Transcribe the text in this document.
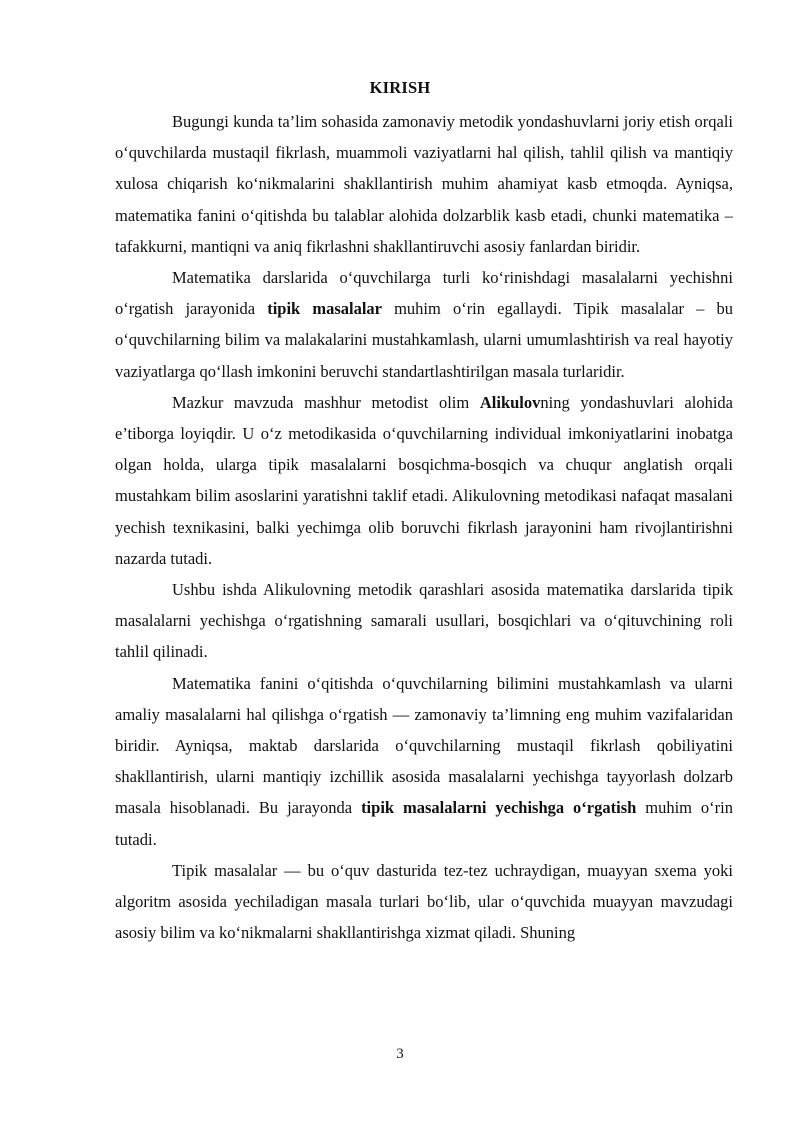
KIRISH

Bugungi kunda ta’lim sohasida zamonaviy metodik yondashuvlarni joriy etish orqali o‘quvchilarda mustaqil fikrlash, muammoli vaziyatlarni hal qilish, tahlil qilish va mantiqiy xulosa chiqarish ko‘nikmalarini shakllantirish muhim ahamiyat kasb etmoqda. Ayniqsa, matematika fanini o‘qitishda bu talablar alohida dolzarblik kasb etadi, chunki matematika – tafakkurni, mantiqni va aniq fikrlashni shakllantiruvchi asosiy fanlardan biridir.

Matematika darslarida o‘quvchilarga turli ko‘rinishdagi masalalarni yechishni o‘rgatish jarayonida tipik masalalar muhim o‘rin egallaydi. Tipik masalalar – bu o‘quvchilarning bilim va malakalarini mustahkamlash, ularni umumlashtirish va real hayotiy vaziyatlarga qo‘llash imkonini beruvchi standartlashtirilgan masala turlaridir.

Mazkur mavzuda mashhur metodist olim Alikulovning yondashuvlari alohida e’tiborga loyiqdir. U o‘z metodikasida o‘quvchilarning individual imkoniyatlarini inobatga olgan holda, ularga tipik masalalarni bosqichma-bosqich va chuqur anglatish orqali mustahkam bilim asoslarini yaratishni taklif etadi. Alikulovning metodikasi nafaqat masalani yechish texnikasini, balki yechimga olib boruvchi fikrlash jarayonini ham rivojlantirishni nazarda tutadi.

Ushbu ishda Alikulovning metodik qarashlari asosida matematika darslarida tipik masalalarni yechishga o‘rgatishning samarali usullari, bosqichlari va o‘qituvchining roli tahlil qilinadi.

Matematika fanini o‘qitishda o‘quvchilarning bilimini mustahkamlash va ularni amaliy masalalarni hal qilishga o‘rgatish — zamonaviy ta’limning eng muhim vazifalaridan biridir. Ayniqsa, maktab darslarida o‘quvchilarning mustaqil fikrlash qobiliyatini shakllantirish, ularni mantiqiy izchillik asosida masalalarni yechishga tayyorlash dolzarb masala hisoblanadi. Bu jarayonda tipik masalalarni yechishga o‘rgatish muhim o‘rin tutadi.

Tipik masalalar — bu o‘quv dasturida tez-tez uchraydigan, muayyan sxema yoki algoritm asosida yechiladigan masala turlari bo‘lib, ular o‘quvchida muayyan mavzudagi asosiy bilim va ko‘nikmalarni shakllantirishga xizmat qiladi. Shuning

3
